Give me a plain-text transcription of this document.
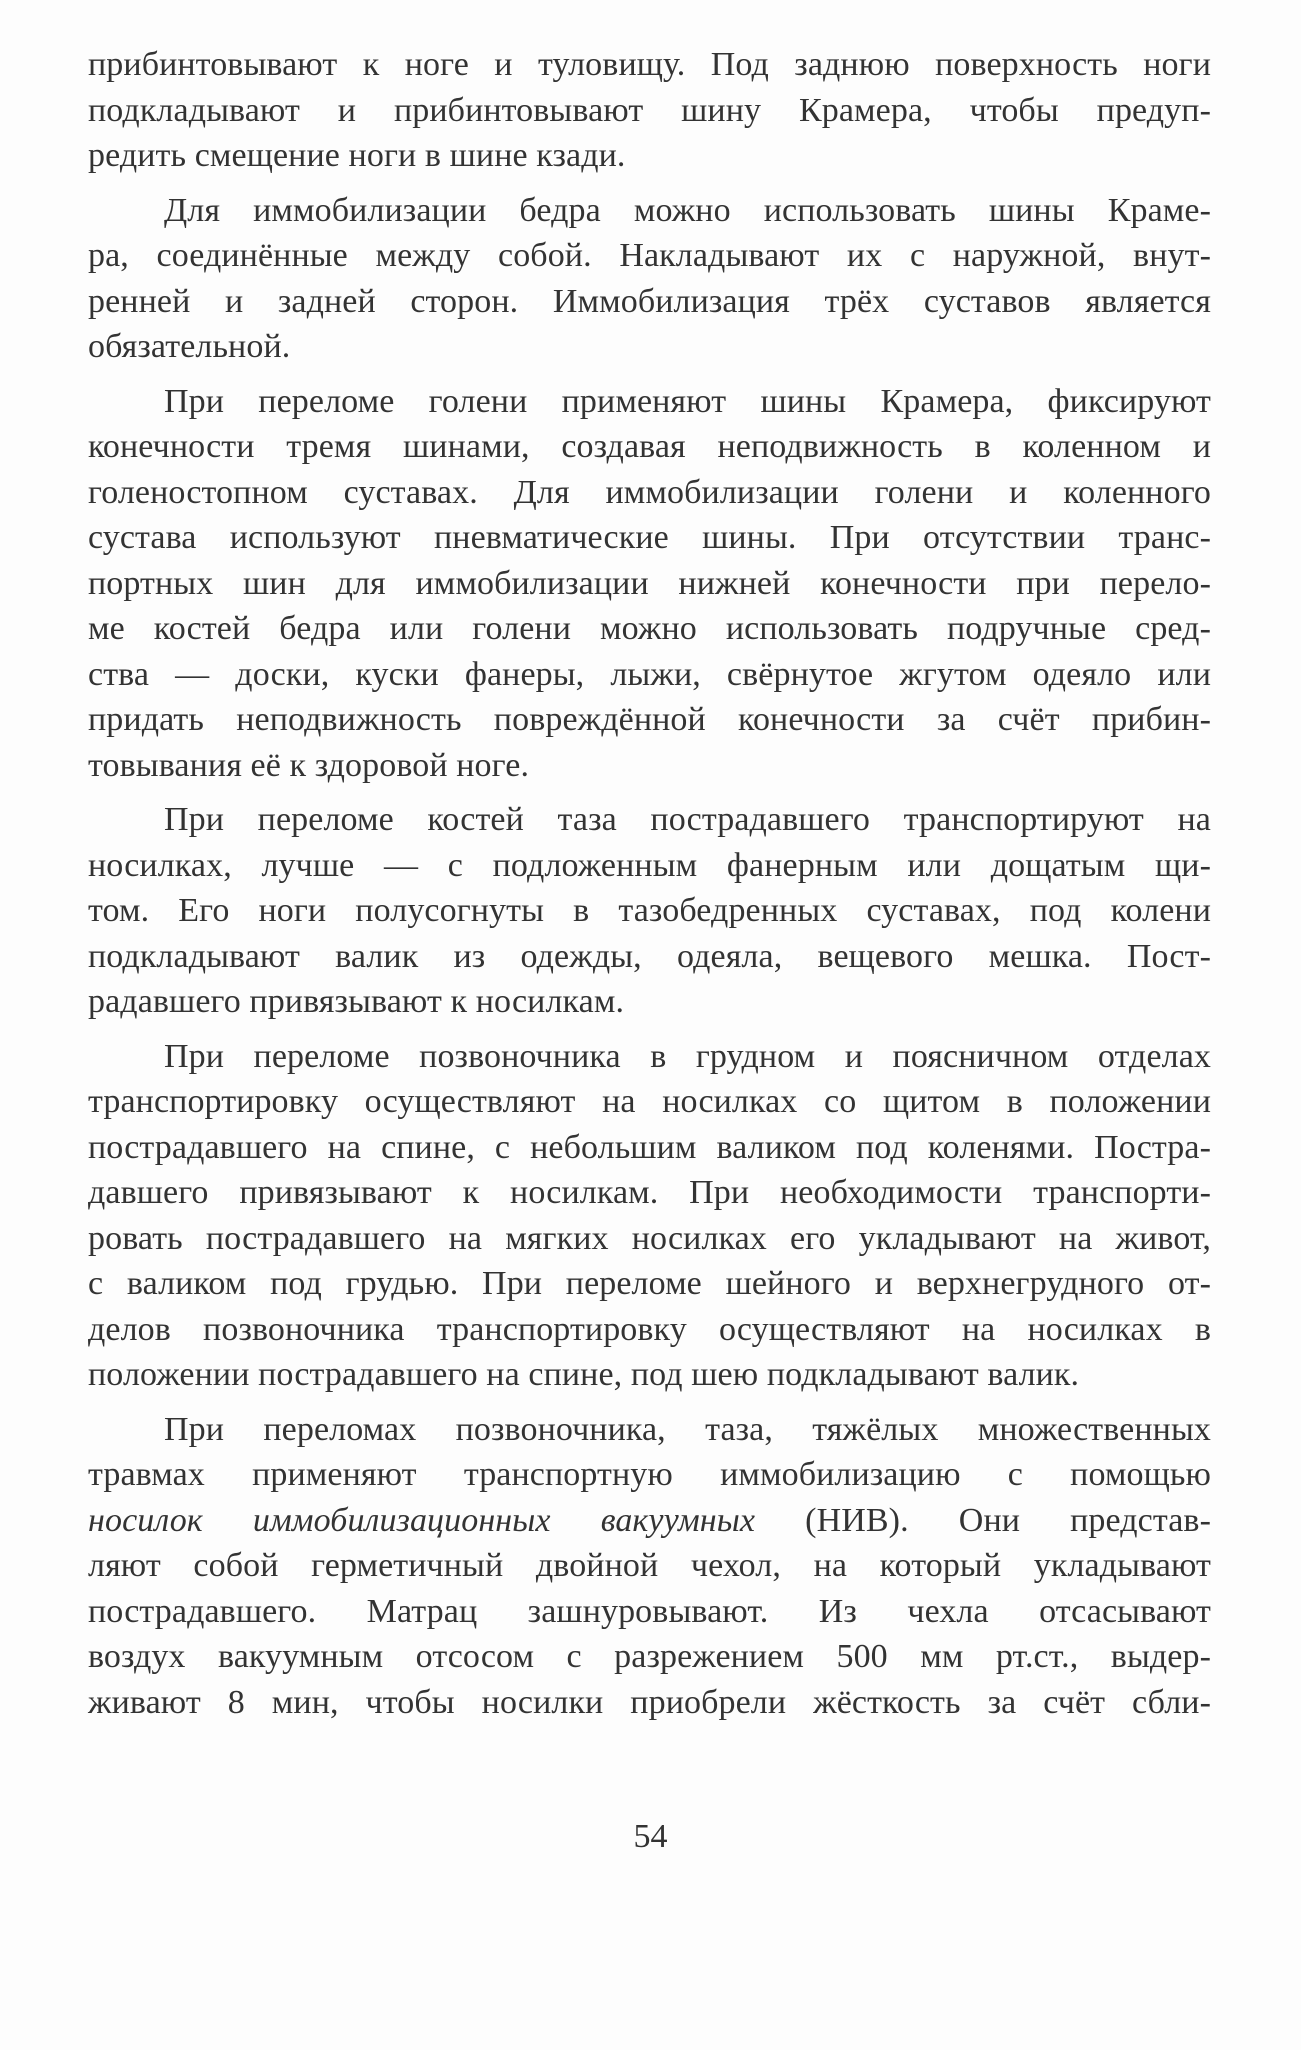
прибинтовывают к ноге и туловищу. Под заднюю поверхность ноги
подкладывают и прибинтовывают шину Крамера, чтобы предуп-
редить смещение ноги в шине кзади.
Для иммобилизации бедра можно использовать шины Краме-
ра, соединённые между собой. Накладывают их с наружной, внут-
ренней и задней сторон. Иммобилизация трёх суставов является
обязательной.
При переломе голени применяют шины Крамера, фиксируют
конечности тремя шинами, создавая неподвижность в коленном и
голеностопном суставах. Для иммобилизации голени и коленного
сустава используют пневматические шины. При отсутствии транс-
портных шин для иммобилизации нижней конечности при перело-
ме костей бедра или голени можно использовать подручные сред-
ства — доски, куски фанеры, лыжи, свёрнутое жгутом одеяло или
придать неподвижность повреждённой конечности за счёт прибин-
товывания её к здоровой ноге.
При переломе костей таза пострадавшего транспортируют на
носилках, лучше — с подложенным фанерным или дощатым щи-
том. Его ноги полусогнуты в тазобедренных суставах, под колени
подкладывают валик из одежды, одеяла, вещевого мешка. Пост-
радавшего привязывают к носилкам.
При переломе позвоночника в грудном и поясничном отделах
транспортировку осуществляют на носилках со щитом в положении
пострадавшего на спине, с небольшим валиком под коленями. Постра-
давшего привязывают к носилкам. При необходимости транспорти-
ровать пострадавшего на мягких носилках его укладывают на живот,
с валиком под грудью. При переломе шейного и верхнегрудного от-
делов позвоночника транспортировку осуществляют на носилках в
положении пострадавшего на спине, под шею подкладывают валик.
При переломах позвоночника, таза, тяжёлых множественных
травмах применяют транспортную иммобилизацию с помощью
носилок иммобилизационных вакуумных (НИВ). Они представ-
ляют собой герметичный двойной чехол, на который укладывают
пострадавшего. Матрац зашнуровывают. Из чехла отсасывают
воздух вакуумным отсосом с разрежением 500 мм рт.ст., выдер-
живают 8 мин, чтобы носилки приобрели жёсткость за счёт сбли-
54
